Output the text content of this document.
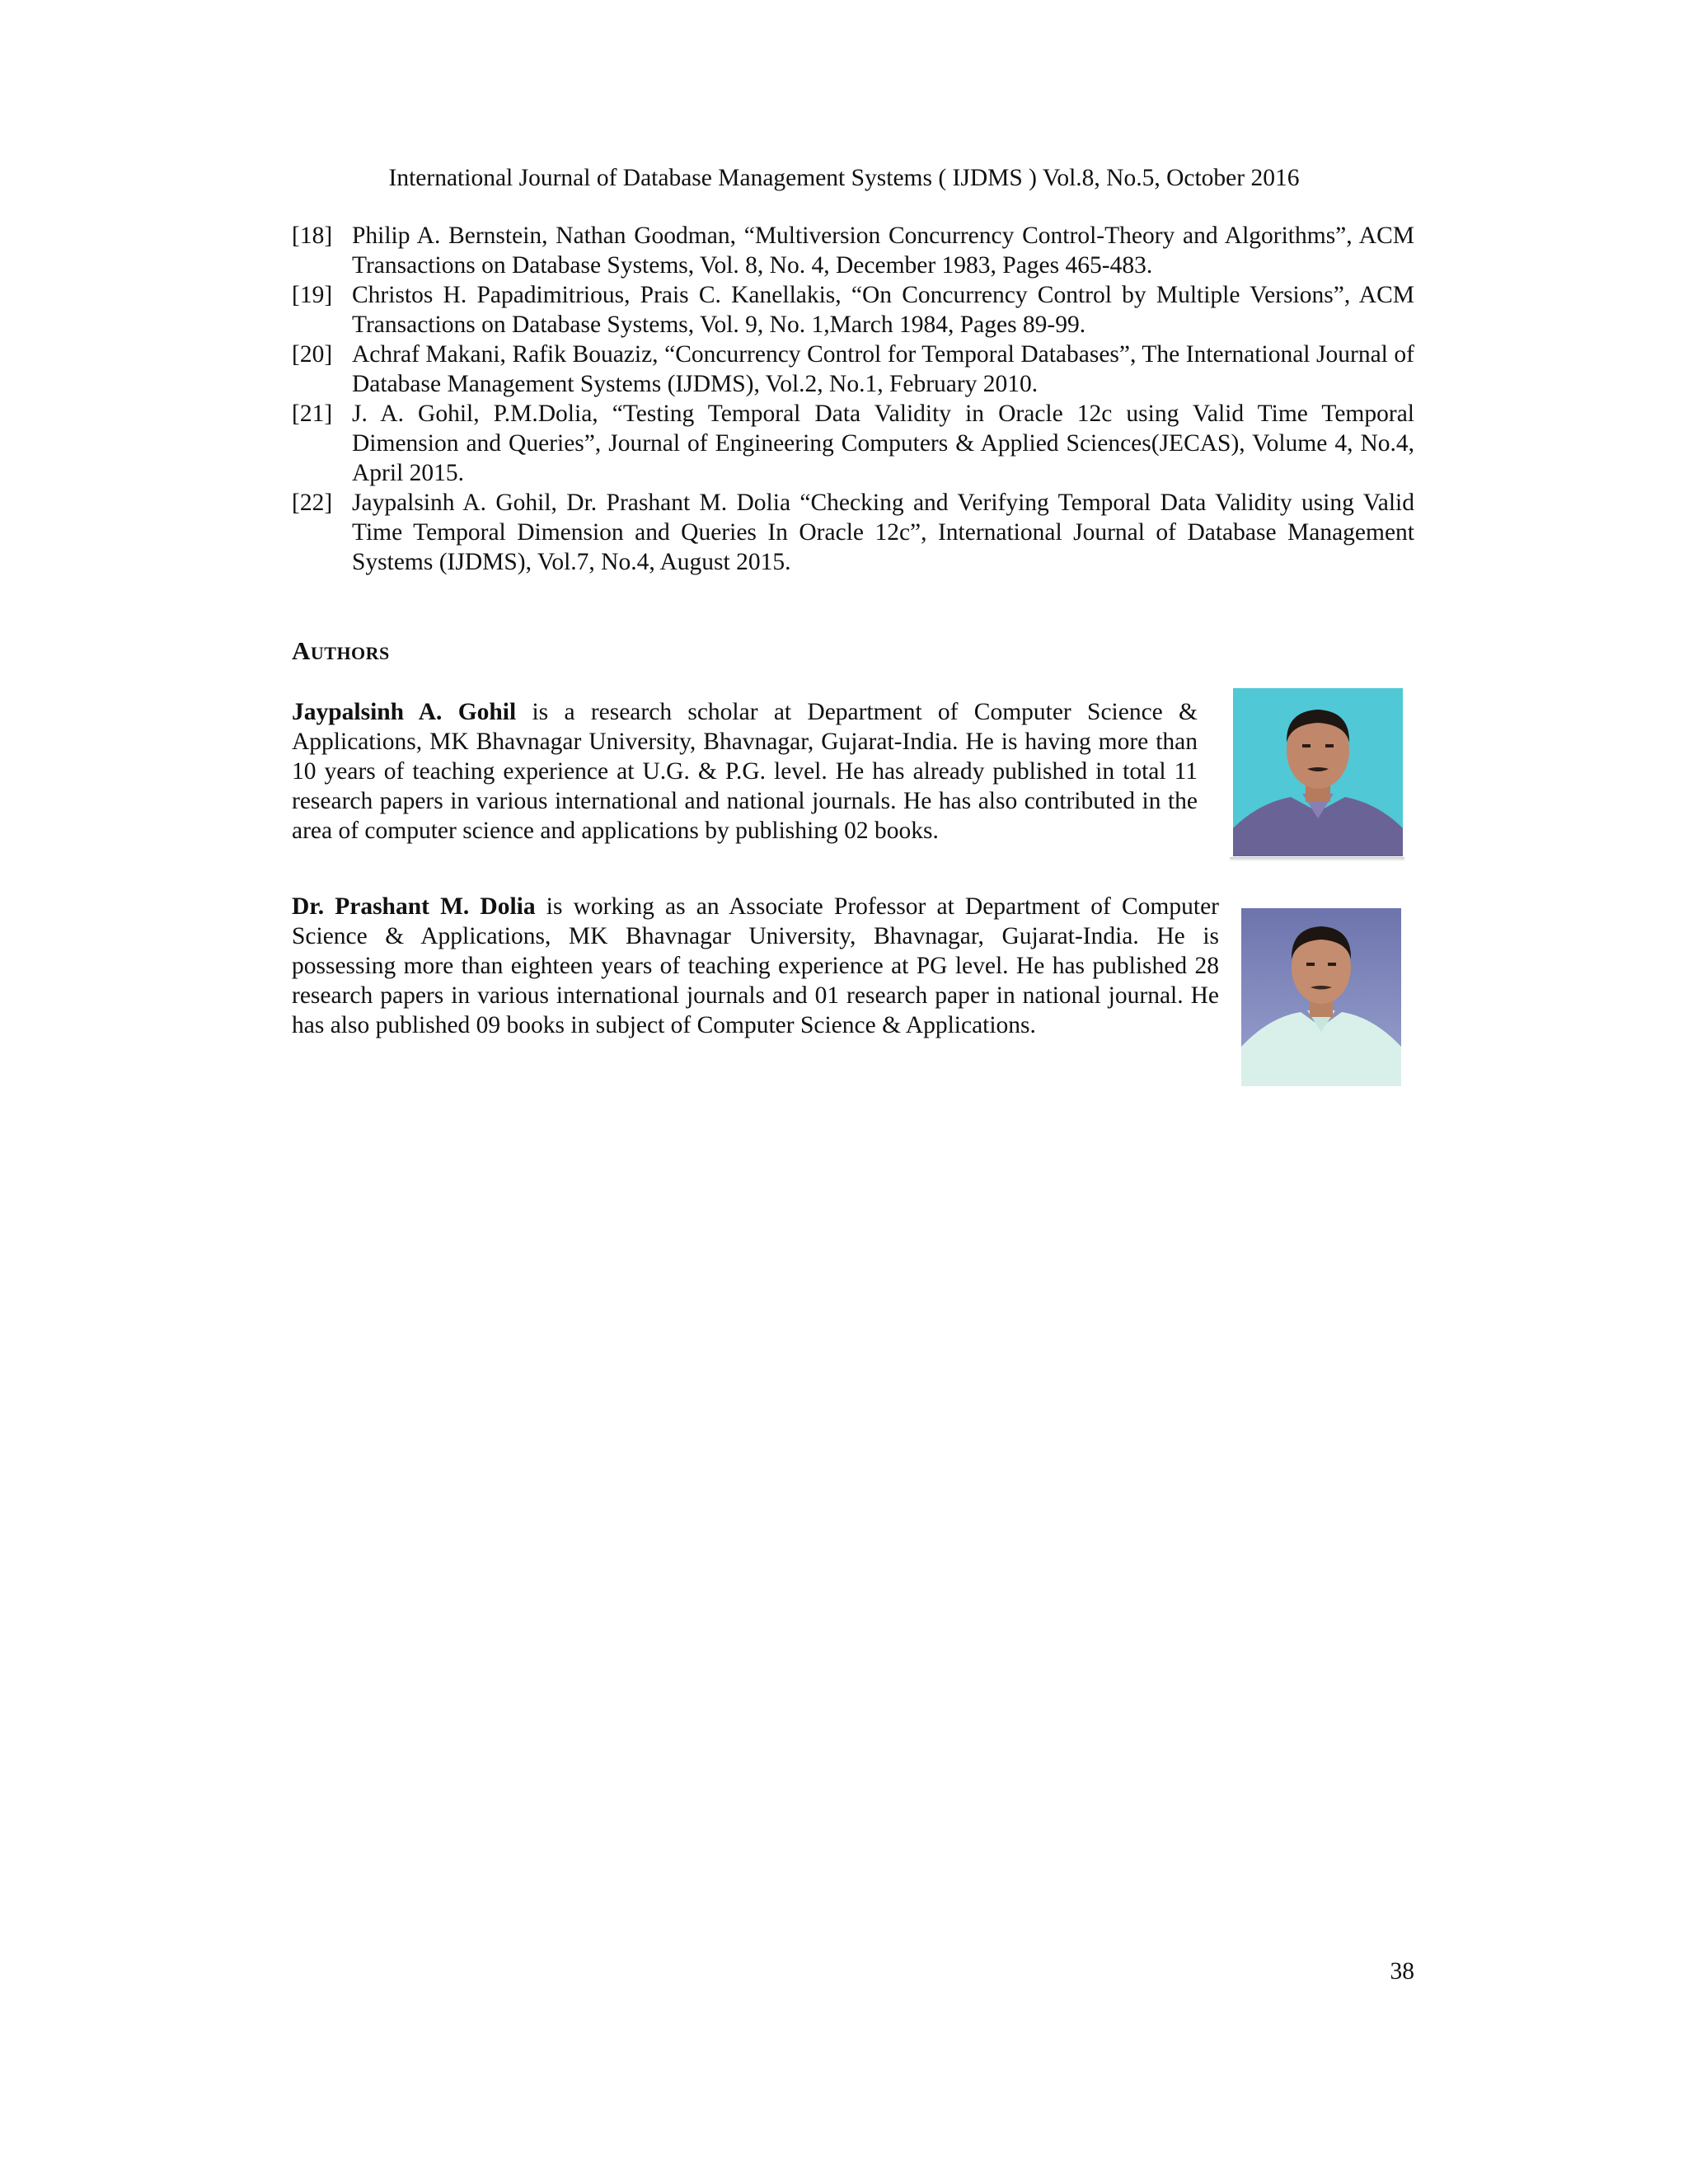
International Journal of Database Management Systems ( IJDMS ) Vol.8, No.5, October 2016
[18] Philip A. Bernstein, Nathan Goodman, “Multiversion Concurrency Control-Theory and Algorithms”, ACM Transactions on Database Systems, Vol. 8, No. 4, December 1983, Pages 465-483.
[19] Christos H. Papadimitrious, Prais C. Kanellakis, “On Concurrency Control by Multiple Versions”, ACM Transactions on Database Systems, Vol. 9, No. 1,March 1984, Pages 89-99.
[20] Achraf Makani, Rafik Bouaziz, “Concurrency Control for Temporal Databases”, The International Journal of Database Management Systems (IJDMS), Vol.2, No.1, February 2010.
[21] J. A. Gohil, P.M.Dolia, “Testing Temporal Data Validity in Oracle 12c using Valid Time Temporal Dimension and Queries”, Journal of Engineering Computers & Applied Sciences(JECAS), Volume 4, No.4, April 2015.
[22] Jaypalsinh A. Gohil, Dr. Prashant M. Dolia “Checking and Verifying Temporal Data Validity using Valid Time Temporal Dimension and Queries In Oracle 12c”, International Journal of Database Management Systems (IJDMS), Vol.7, No.4, August 2015.
Authors
Jaypalsinh A. Gohil is a research scholar at Department of Computer Science & Applications, MK Bhavnagar University, Bhavnagar, Gujarat-India. He is having more than 10 years of teaching experience at U.G. & P.G. level. He has already published in total 11 research papers in various international and national journals. He has also contributed in the area of computer science and applications by publishing 02 books.
Dr. Prashant M. Dolia is working as an Associate Professor at Department of Computer Science & Applications, MK Bhavnagar University, Bhavnagar, Gujarat-India. He is possessing more than eighteen years of teaching experience at PG level. He has published 28 research papers in various international journals and 01 research paper in national journal. He has also published 09 books in subject of Computer Science & Applications.
38
